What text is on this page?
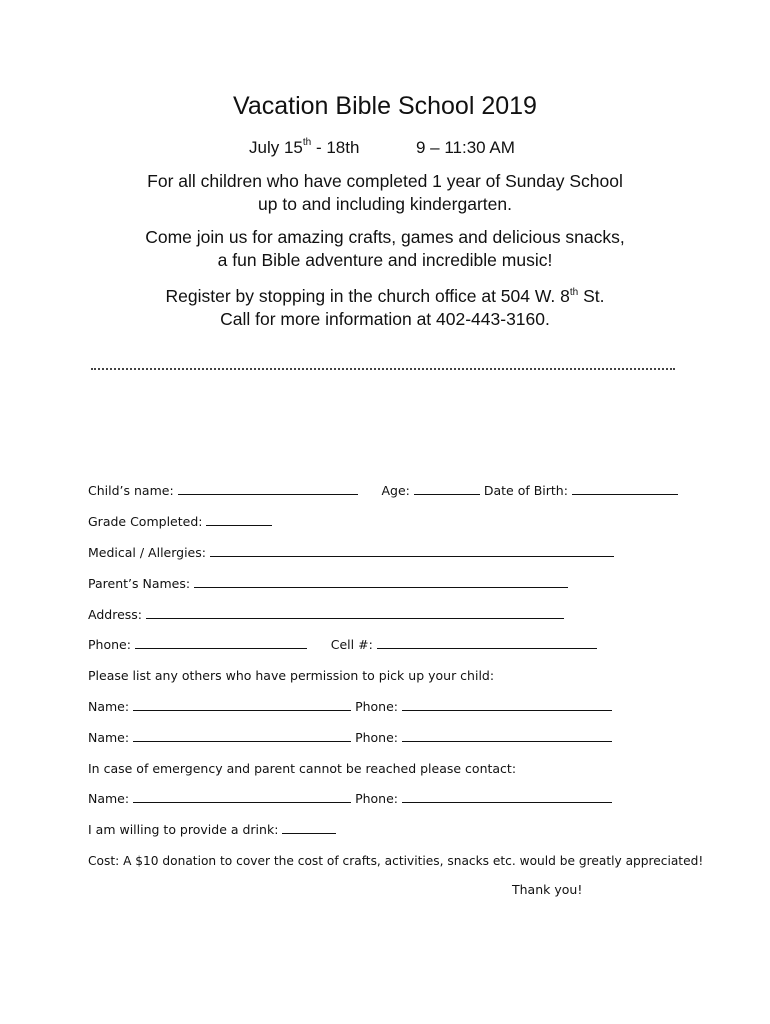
Vacation Bible School 2019
July 15th - 18th	9 – 11:30 AM
For all children who have completed 1 year of Sunday School
up to and including kindergarten.
Come join us for amazing crafts, games and delicious snacks,
a fun Bible adventure and incredible music!
Register by stopping in the church office at 504 W. 8th St.
Call for more information at 402-443-3160.
Child’s name:	Age:	Date of Birth:
Grade Completed:
Medical / Allergies:
Parent’s Names:
Address:
Phone:	Cell #:
Please list any others who have permission to pick up your child:
Name:	Phone:
Name:	Phone:
In case of emergency and parent cannot be reached please contact:
Name:	Phone:
I am willing to provide a drink:
Cost: A $10 donation to cover the cost of crafts, activities, snacks etc. would be greatly appreciated!
Thank you!
